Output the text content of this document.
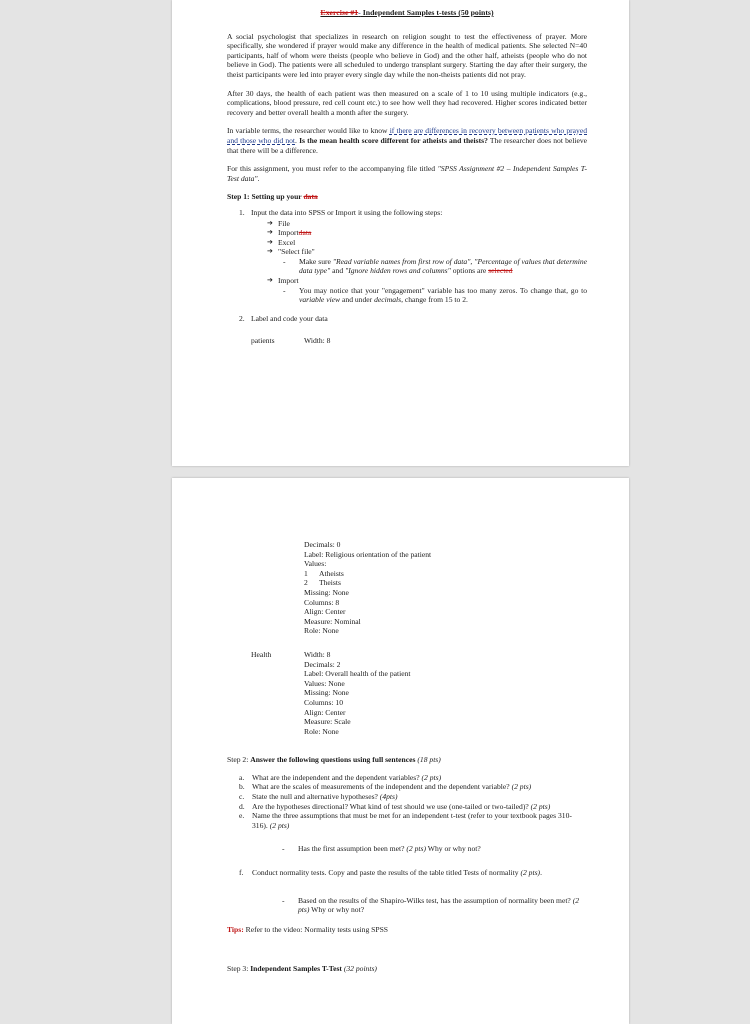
Exercise #1- Independent Samples t-tests (50 points)

A social psychologist that specializes in research on religion sought to test the effectiveness of prayer. More specifically, she wondered if prayer would make any difference in the health of medical patients. She selected N=40 participants, half of whom were theists (people who believe in God) and the other half, atheists (people who do not believe in God). The patients were all scheduled to undergo transplant surgery. Starting the day after their surgery, the theist participants were led into prayer every single day while the non-theists patients did not pray.

After 30 days, the health of each patient was then measured on a scale of 1 to 10 using multiple indicators (e.g., complications, blood pressure, red cell count etc.) to see how well they had recovered. Higher scores indicated better recovery and better overall health a month after the surgery.

In variable terms, the researcher would like to know if there are differences in recovery between patients who prayed and those who did not. Is the mean health score different for atheists and theists? The researcher does not believe that there will be a difference.

For this assignment, you must refer to the accompanying file titled "SPSS Assignment #2 – Independent Samples T-Test data".

Step 1: Setting up your data
1. Input the data into SPSS or Import it using the following steps:
➔ File
➔ Import data
➔ Excel
➔ "Select file"
-	Make sure "Read variable names from first row of data", "Percentage of values that determine data type" and "Ignore hidden rows and columns" options are selected
➔ Import
-	You may notice that your "engagement" variable has too many zeros. To change that, go to variable view and under decimals, change from 15 to 2.
2. Label and code your data
patients	Width: 8
Decimals: 0
Label: Religious orientation of the patient
Values:
1	Atheists
2	Theists
Missing: None
Columns: 8
Align: Center
Measure: Nominal
Role: None
Health	Width: 8
Decimals: 2
Label: Overall health of the patient
Values: None
Missing: None
Columns: 10
Align: Center
Measure: Scale
Role: None
Step 2: Answer the following questions using full sentences (18 pts)
a.	What are the independent and the dependent variables? (2 pts)
b. What are the scales of measurements of the independent and the dependent variable? (2 pts)
c.	State the null and alternative hypotheses? (4pts)
d. Are the hypotheses directional? What kind of test should we use (one-tailed or two-tailed)? (2 pts)
e.	Name the three assumptions that must be met for an independent t-test (refer to your textbook pages 310- 316). (2 pts)
-	Has the first assumption been met? (2 pts) Why or why not?
f.	Conduct normality tests. Copy and paste the results of the table titled Tests of normality (2 pts).
-	Based on the results of the Shapiro-Wilks test, has the assumption of normality been met? (2 pts) Why or why not?
Tips: Refer to the video: Normality tests using SPSS
Step 3: Independent Samples T-Test (32 points)
